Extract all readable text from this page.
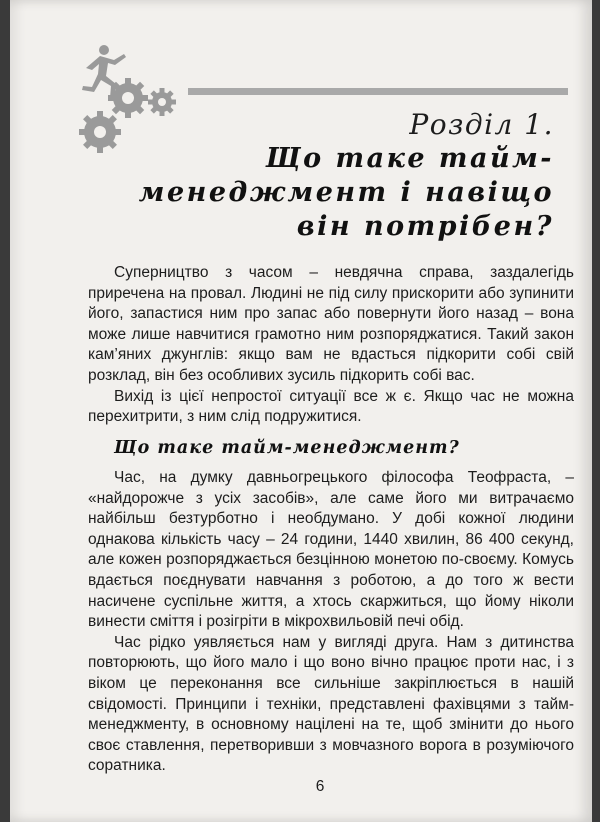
Розділ 1.
Що таке тайм-
менеджмент і навіщо
він потрібен?

Суперництво з часом – невдячна справа, заздалегідь приречена на провал. Людині не під силу прискорити або зупинити його, запастися ним про запас або повернути його назад – вона може лише навчитися грамотно ним розпоряджатися. Такий закон кам’яних джунглів: якщо вам не вдасться підкорити собі свій розклад, він без особливих зусиль підкорить собі вас.

Вихід із цієї непростої ситуації все ж є. Якщо час не можна перехитрити, з ним слід подружитися.

Що таке тайм-менеджмент?

Час, на думку давньогрецького філософа Теофраста, – «найдорожче з усіх засобів», але саме його ми витрачаємо найбільш безтурботно і необдумано. У добі кожної людини однакова кількість часу – 24 години, 1440 хвилин, 86 400 секунд, але кожен розпоряджається безцінною монетою по-своєму. Комусь вдається поєднувати навчання з роботою, а до того ж вести насичене суспільне життя, а хтось скаржиться, що йому ніколи винести сміття і розігріти в мікрохвильовій печі обід.

Час рідко уявляється нам у вигляді друга. Нам з дитинства повторюють, що його мало і що воно вічно працює проти нас, і з віком це переконання все сильніше закріплюється в нашій свідомості. Принципи і техніки, представлені фахівцями з тайм-менеджменту, в основному націлені на те, щоб змінити до нього своє ставлення, перетворивши з мовчазного ворога в розуміючого соратника.

6
